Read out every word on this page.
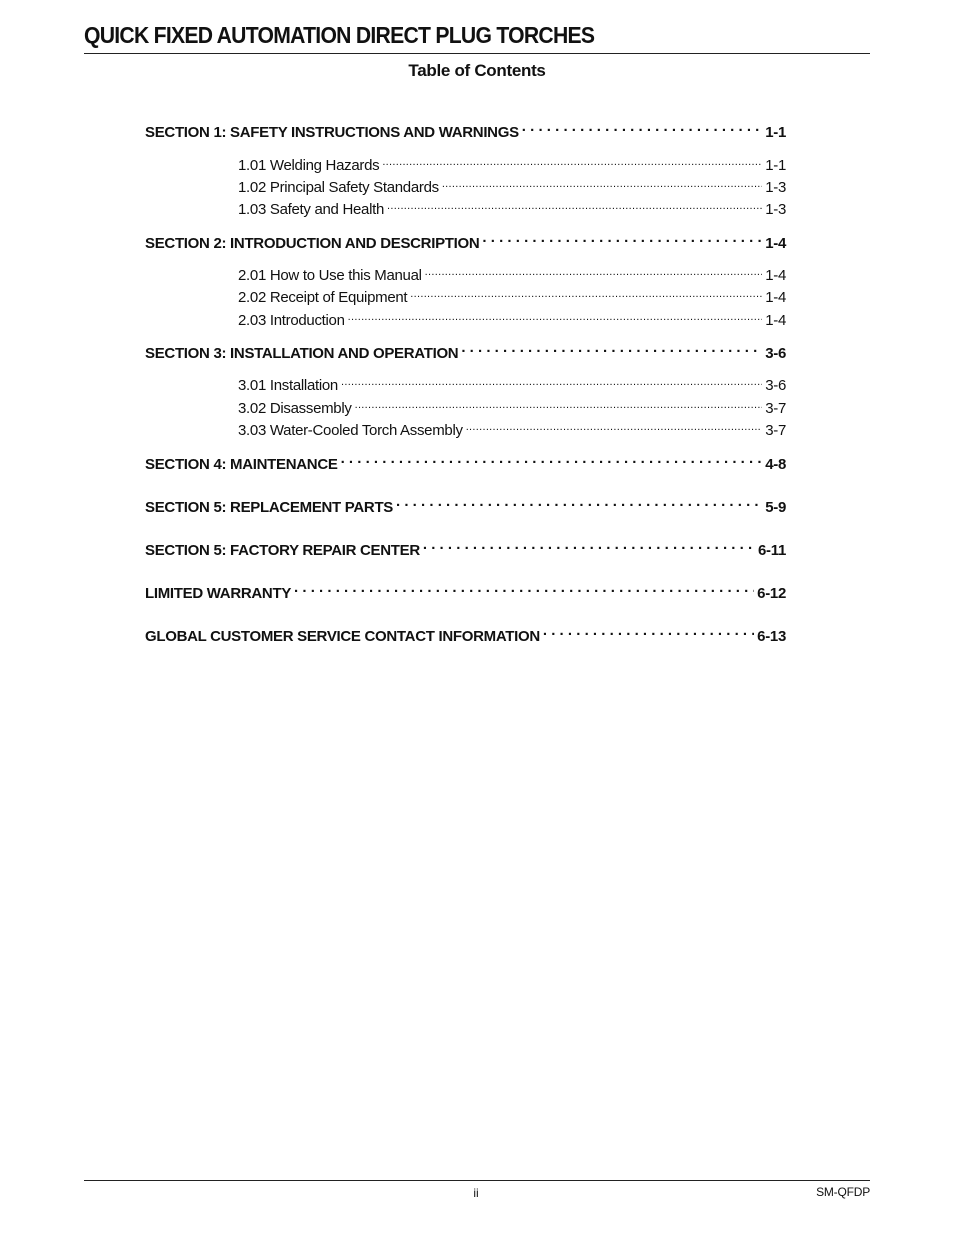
QUICK FIXED AUTOMATION DIRECT PLUG TORCHES
Table of Contents
SECTION 1: SAFETY INSTRUCTIONS AND WARNINGS . . .	1-1
1.01 Welding Hazards .....	1-1
1.02 Principal Safety Standards .....	1-3
1.03 Safety and Health .....	1-3
SECTION 2: INTRODUCTION AND DESCRIPTION . . .	1-4
2.01 How to Use this Manual .....	1-4
2.02 Receipt of Equipment .....	1-4
2.03 Introduction .....	1-4
SECTION 3: INSTALLATION AND OPERATION . . .	3-6
3.01 Installation .....	3-6
3.02 Disassembly .....	3-7
3.03 Water-Cooled Torch Assembly .....	3-7
SECTION 4: MAINTENANCE . . .	4-8
SECTION 5: REPLACEMENT PARTS . . .	5-9
SECTION 5: FACTORY REPAIR CENTER . . .	6-11
LIMITED WARRANTY . . .	6-12
GLOBAL CUSTOMER SERVICE CONTACT INFORMATION . . .	6-13
ii	SM-QFDP
